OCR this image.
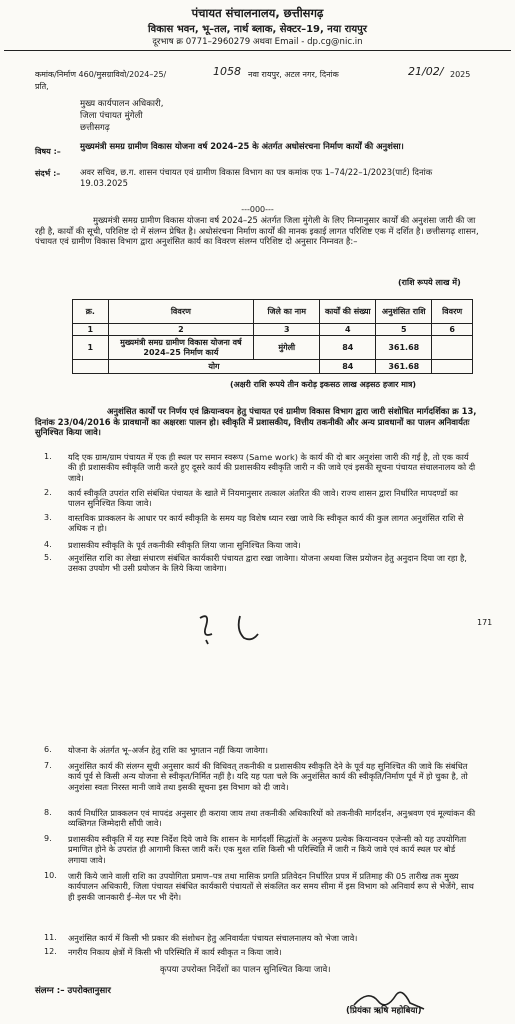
पंचायत संचालनालय, छत्तीसगढ़
विकास भवन, भू–तल, नार्थ ब्लाक, सेक्टर–19, नया रायपुर
दूरभाष क्र 0771–2960279 अथवा Email - dp.cg@nic.in
कमांक/निर्माण 460/मुसग्राविवो/2024–25/	1058 नवा रायपुर, अटल नगर, दिनांक	21/02/ 2025
प्रति,
मुख्य कार्यपालन अधिकारी,
जिला पंचायत मुंगेली
छत्तीसगढ़
विषय :–
मुख्यमंत्री समग्र ग्रामीण विकास योजना वर्ष 2024–25 के अंतर्गत अधोसंरचना निर्माण कार्यों की अनुशंसा।
संदर्भ :– अवर सचिव, छ.ग. शासन पंचायत एवं ग्रामीण विकास विभाग का पत्र कमांक एफ 1–74/22–1/2023(पार्ट) दिनांक 19.03.2025
---000---
मुख्यमंत्री समग्र ग्रामीण विकास योजना वर्ष 2024–25 अंतर्गत जिला मुंगेली के लिए निम्नानुसार कार्यों की अनुशंसा जारी की जा रही है, कार्यों की सूची, परिशिष्ट दो में संलग्न प्रेषित है। अधोसंरचना निर्माण कार्यों की मानक इकाई लागत परिशिष्ट एक में दर्शित है। छत्तीसगढ़ शासन, पंचायत एवं ग्रामीण विकास विभाग द्वारा अनुशंसित कार्य का विवरण संलग्न परिशिष्ट दो अनुसार निम्नवत है:–
(राशि रूपये लाख में)
क्र.	विवरण	जिले का नाम	कार्यों की संख्या	अनुशंसित राशि	विवरण
1	2	3	4	5	6
1	मुख्यमंत्री समग्र ग्रामीण विकास योजना वर्ष 2024–25 निर्माण कार्य	मुंगेली	84	361.68	
	योग		84	361.68	
(अक्षरी राशि रूपये तीन करोड़ इकसठ लाख अड़सठ हजार मात्र)
अनुशंसित कार्यों पर निर्णय एवं क्रियान्वयन हेतु पंचायत एवं ग्रामीण विकास विभाग द्वारा जारी संशोधित मार्गदर्शिका क्र 13, दिनांक 23/04/2016 के प्रावधानों का अक्षरशः पालन हो। स्वीकृति में प्रशासकीय, वित्तीय तकनीकी और अन्य प्रावधानों का पालन अनिवार्यतः सुनिश्चित किया जावे।
1. यदि एक ग्राम/ग्राम पंचायत में एक ही स्थल पर समान स्वरूप (Same work) के कार्य की दो बार अनुशंसा जारी की गई है, तो एक कार्य की ही प्रशासकीय स्वीकृति जारी करते हुए दूसरे कार्य की प्रशासकीय स्वीकृति जारी न की जावे एवं इसकी सूचना पंचायत संचालनालय को दी जावे।
2. कार्य स्वीकृति उपरांत राशि संबंधित पंचायत के खाते में नियमानुसार तत्काल अंतरित की जावे। राज्य शासन द्वारा निर्धारित मापदण्डों का पालन सुनिश्चित किया जावे।
3. वास्तविक प्राक्कलन के आधार पर कार्य स्वीकृति के समय यह विशेष ध्यान रखा जावे कि स्वीकृत कार्य की कुल लागत अनुशंसित राशि से अधिक न हो।
4. प्रशासकीय स्वीकृति के पूर्व तकनीकी स्वीकृति लिया जाना सुनिश्चित किया जावे।
5. अनुशंसित राशि का लेखा संधारण संबंधित कार्यकारी पंचायत द्वारा रखा जावेगा। योजना अथवा जिस प्रयोजन हेतु अनुदान दिया जा रहा है, उसका उपयोग भी उसी प्रयोजन के लिये किया जावेगा।
171
6. योजना के अंतर्गत भू–अर्जन हेतु राशि का भुगतान नहीं किया जावेगा।
7. अनुशंसित कार्य की संलग्न सूची अनुसार कार्य की विधिवत् तकनीकी व प्रशासकीय स्वीकृति देने के पूर्व यह सुनिश्चित की जावे कि संबंधित कार्य पूर्व से किसी अन्य योजना से स्वीकृत/निर्मित नहीं है। यदि यह पता चले कि अनुशंसित कार्य की स्वीकृति/निर्माण पूर्व में हो चुका है, तो अनुशंसा स्वतः निरस्त मानी जावे तथा इसकी सूचना इस विभाग को दी जावे।
8. कार्य निर्धारित प्राक्कलन एवं मापदंड अनुसार ही कराया जाय तथा तकनीकी अधिकारियों को तकनीकी मार्गदर्शन, अनुश्रवण एवं मूल्यांकन की व्यक्तिगत जिम्मेदारी सौंपी जावे।
9. प्रशासकीय स्वीकृति में यह स्पष्ट निर्देश दिये जावे कि शासन के मार्गदर्शी सिद्धांतों के अनुरूप प्रत्येक कियान्वयन एजेन्सी को यह उपयोगिता प्रमाणित होने के उपरांत ही आगामी किस्त जारी करें। एक मुश्त राशि किसी भी परिस्थिति में जारी न किये जावे एवं कार्य स्थल पर बोर्ड लगाया जावे।
10. जारी किये जाने वाली राशि का उपयोगिता प्रमाण–पत्र तथा मासिक प्रगति प्रतिवेदन निर्धारित प्रपत्र में प्रतिमाह की 05 तारीख तक मुख्य कार्यपालन अधिकारी, जिला पंचायत संबंधित कार्यकारी पंचायतों से संकलित कर समय सीमा में इस विभाग को अनिवार्य रूप से भेजेंगे, साथ ही इसकी जानकारी ई–मेल पर भी देंगे।
11. अनुशंसित कार्य में किसी भी प्रकार की संशोधन हेतु अनिवार्यतः पंचायत संचालनालय को भेजा जावे।
12. नगरीय निकाय क्षेत्रों में किसी भी परिस्थिति में कार्य स्वीकृत न किया जावे।
कृपया उपरोक्त निर्देशों का पालन सुनिश्चित किया जावे।
संलग्न :– उपरोक्तानुसार
(प्रियंका ऋषि महोबिया)
